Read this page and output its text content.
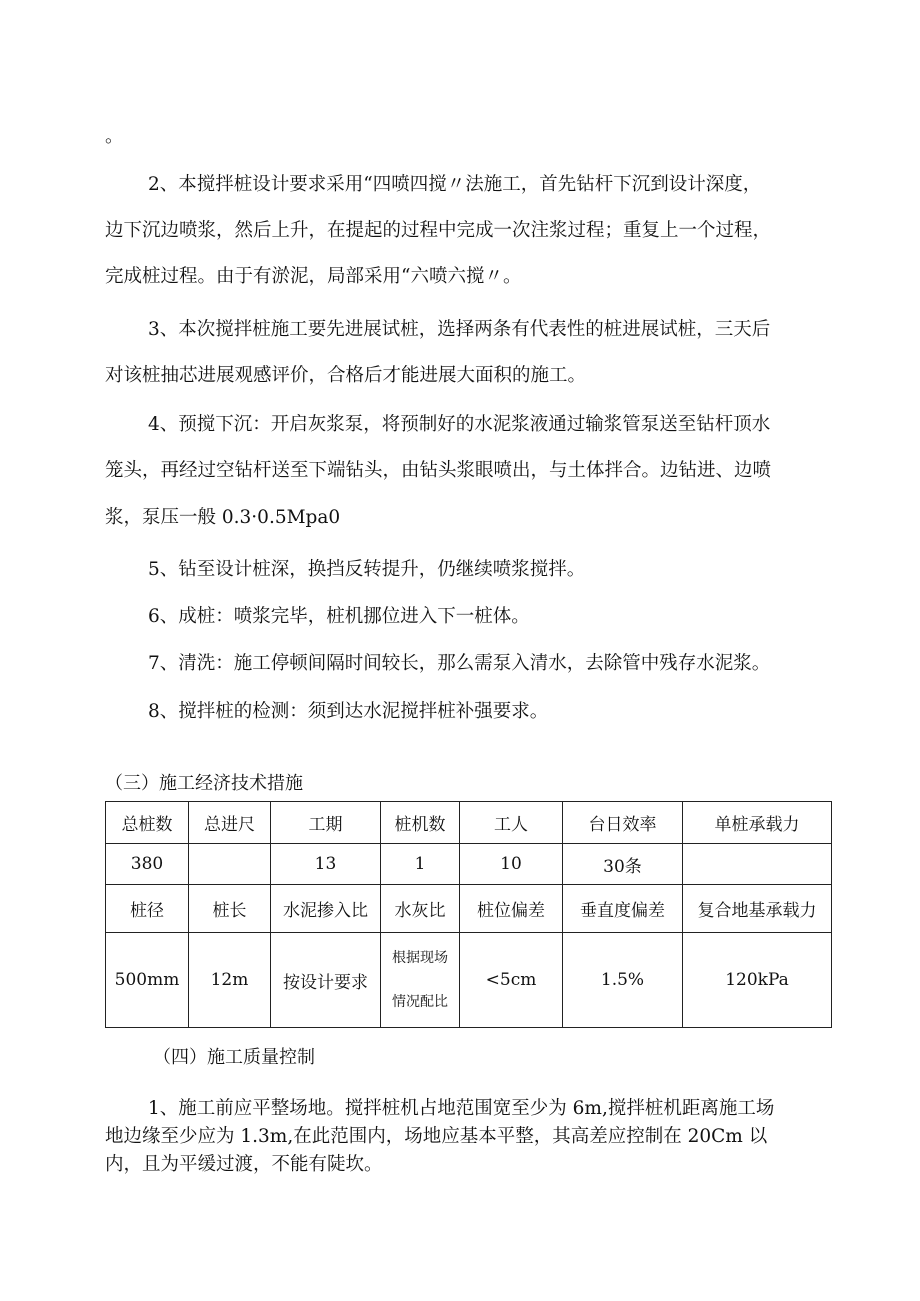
。
2、本搅拌桩设计要求采用“四喷四搅〃法施工，首先钻杆下沉到设计深度，
边下沉边喷浆，然后上升，在提起的过程中完成一次注浆过程；重复上一个过程，
完成桩过程。由于有淤泥，局部采用“六喷六搅〃。
3、本次搅拌桩施工要先进展试桩，选择两条有代表性的桩进展试桩，三天后
对该桩抽芯进展观感评价，合格后才能进展大面积的施工。
4、预搅下沉：开启灰浆泵，将预制好的水泥浆液通过输浆管泵送至钻杆顶水
笼头，再经过空钻杆送至下端钻头，由钻头浆眼喷出，与土体拌合。边钻进、边喷
浆，泵压一般 0.3·0.5Mpa0
5、钻至设计桩深，换挡反转提升，仍继续喷浆搅拌。
6、成桩：喷浆完毕，桩机挪位进入下一桩体。
7、清洗：施工停顿间隔时间较长，那么需泵入清水，去除管中残存水泥浆。
8、搅拌桩的检测：须到达水泥搅拌桩补强要求。
（三）施工经济技术措施
总桩数	总进尺	工期	桩机数	工人	台日效率	单桩承载力
380		13	1	10	30条	
桩径	桩长	水泥掺入比	水灰比	桩位偏差	垂直度偏差	复合地基承载力
500mm	12m	按设计要求	根据现场
情况配比	<5cm	1.5%	120kPa
（四）施工质量控制
1、施工前应平整场地。搅拌桩机占地范围宽至少为 6m,搅拌桩机距离施工场
地边缘至少应为 1.3m,在此范围内，场地应基本平整，其高差应控制在 20Cm 以
内，且为平缓过渡，不能有陡坎。
